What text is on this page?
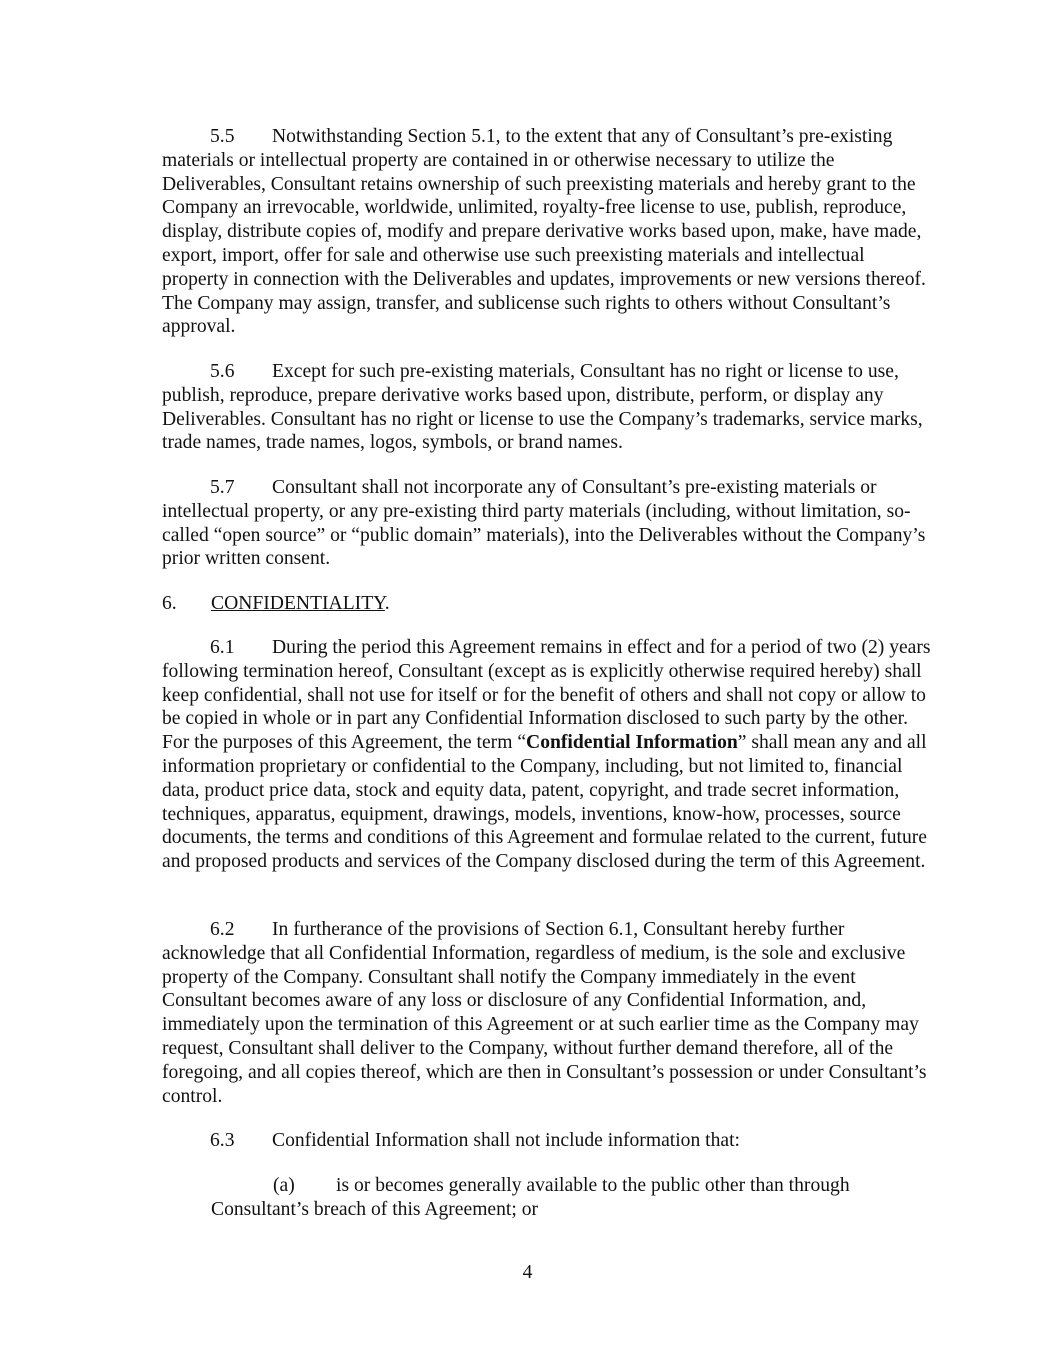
5.5 Notwithstanding Section 5.1, to the extent that any of Consultant’s pre-existing materials or intellectual property are contained in or otherwise necessary to utilize the Deliverables, Consultant retains ownership of such preexisting materials and hereby grant to the Company an irrevocable, worldwide, unlimited, royalty-free license to use, publish, reproduce, display, distribute copies of, modify and prepare derivative works based upon, make, have made, export, import, offer for sale and otherwise use such preexisting materials and intellectual property in connection with the Deliverables and updates, improvements or new versions thereof. The Company may assign, transfer, and sublicense such rights to others without Consultant’s approval.

5.6 Except for such pre-existing materials, Consultant has no right or license to use, publish, reproduce, prepare derivative works based upon, distribute, perform, or display any Deliverables. Consultant has no right or license to use the Company’s trademarks, service marks, trade names, trade names, logos, symbols, or brand names.

5.7 Consultant shall not incorporate any of Consultant’s pre-existing materials or intellectual property, or any pre-existing third party materials (including, without limitation, so-called “open source” or “public domain” materials), into the Deliverables without the Company’s prior written consent.

6. CONFIDENTIALITY.

6.1 During the period this Agreement remains in effect and for a period of two (2) years following termination hereof, Consultant (except as is explicitly otherwise required hereby) shall keep confidential, shall not use for itself or for the benefit of others and shall not copy or allow to be copied in whole or in part any Confidential Information disclosed to such party by the other. For the purposes of this Agreement, the term “Confidential Information” shall mean any and all information proprietary or confidential to the Company, including, but not limited to, financial data, product price data, stock and equity data, patent, copyright, and trade secret information, techniques, apparatus, equipment, drawings, models, inventions, know-how, processes, source documents, the terms and conditions of this Agreement and formulae related to the current, future and proposed products and services of the Company disclosed during the term of this Agreement.

6.2 In furtherance of the provisions of Section 6.1, Consultant hereby further acknowledge that all Confidential Information, regardless of medium, is the sole and exclusive property of the Company. Consultant shall notify the Company immediately in the event Consultant becomes aware of any loss or disclosure of any Confidential Information, and, immediately upon the termination of this Agreement or at such earlier time as the Company may request, Consultant shall deliver to the Company, without further demand therefore, all of the foregoing, and all copies thereof, which are then in Consultant’s possession or under Consultant’s control.

6.3 Confidential Information shall not include information that:

(a) is or becomes generally available to the public other than through Consultant’s breach of this Agreement; or

4
